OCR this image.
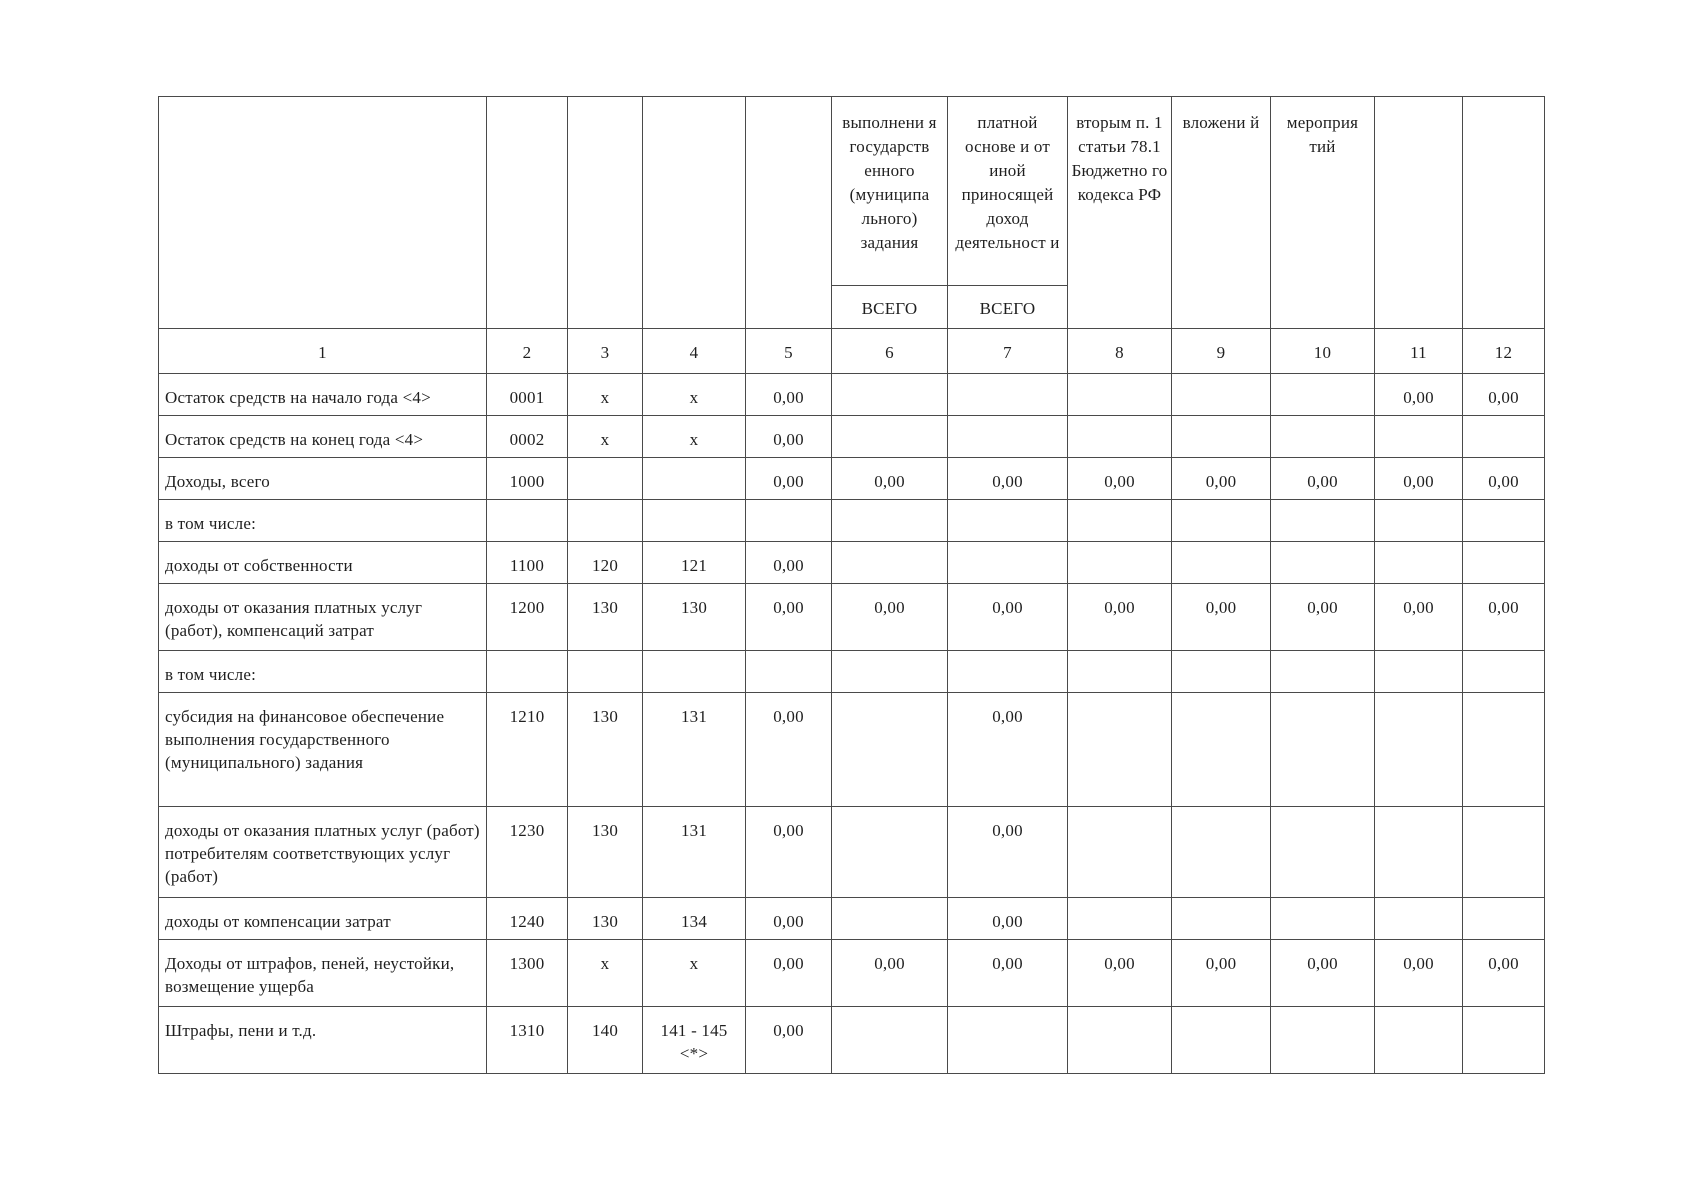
					выполнени я государств енного (муниципа льного) задания	платной основе и от иной приносящей доход деятельност и	вторым п. 1 статьи 78.1 Бюджетно го кодекса РФ	вложени й	мероприя тий		
					ВСЕГО	ВСЕГО					
1	2	3	4	5	6	7	8	9	10	11	12
Остаток средств на начало года <4>	0001	x	x	0,00						0,00	0,00
Остаток средств на конец года <4>	0002	x	x	0,00							
Доходы, всего	1000			0,00	0,00	0,00	0,00	0,00	0,00	0,00	0,00
в том числе:											
доходы от собственности	1100	120	121	0,00							
доходы от оказания платных услуг (работ), компенсаций затрат	1200	130	130	0,00	0,00	0,00	0,00	0,00	0,00	0,00	0,00
в том числе:											
субсидия на финансовое обеспечение выполнения государственного (муниципального) задания	1210	130	131	0,00		0,00					
доходы от оказания платных услуг (работ) потребителям соответствующих услуг (работ)	1230	130	131	0,00		0,00					
доходы от компенсации затрат	1240	130	134	0,00		0,00					
Доходы от штрафов, пеней, неустойки, возмещение ущерба	1300	x	x	0,00	0,00	0,00	0,00	0,00	0,00	0,00	0,00
Штрафы, пени и т.д.	1310	140	141 - 145 <*>	0,00							
